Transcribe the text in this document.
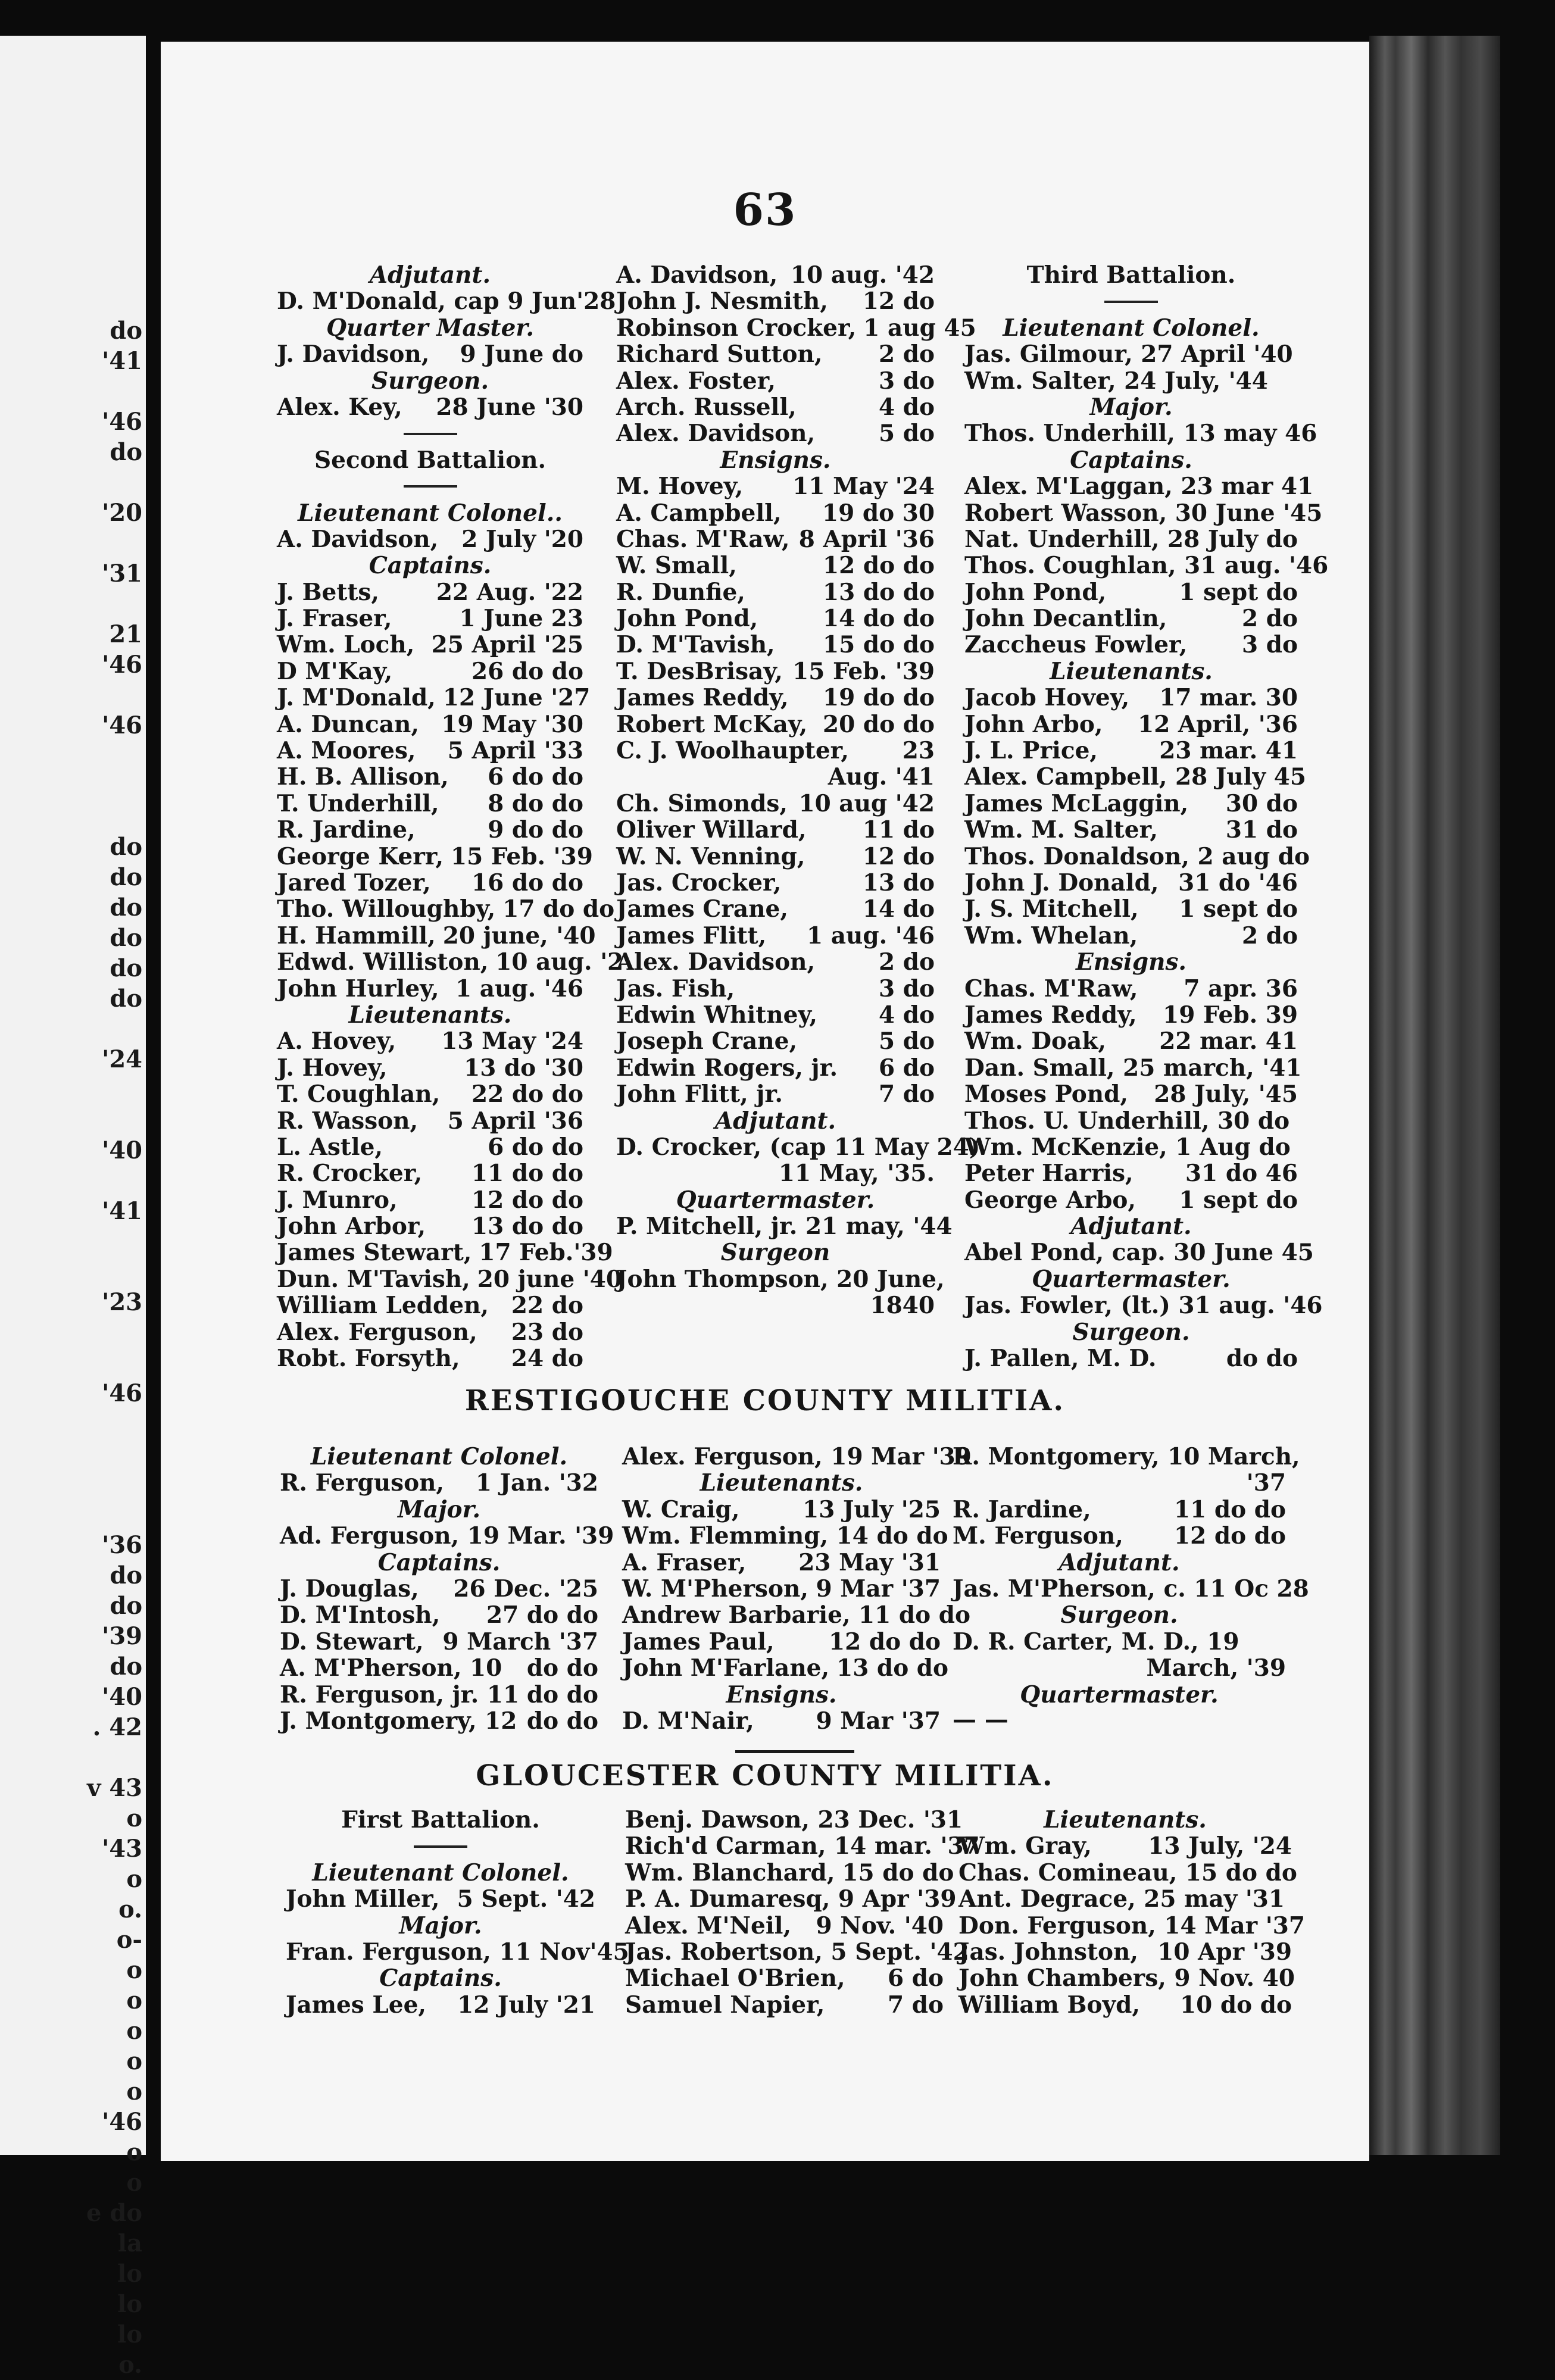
do
'41
'46
do
'20
'31
21
'46
'46
do
do
do
do
do
do
'24
'40
'41
'23
'46
'36
do
do
'39
do
'40
. 42
v 43
o
'43
o
o.
o-
o
o
o
o
o
'46
o
o
e do
la
lo
lo
lo
o.
63
Adjutant.
D. M'Donald, cap 9 Jun'28
Quarter Master.
J. Davidson, 9 June do
Surgeon.
Alex. Key, 28 June '30
Second Battalion.
Lieutenant Colonel..
A. Davidson, 2 July '20
Captains.
J. Betts, 22 Aug. '22
J. Fraser,	1 June 23
Wm. Loch, 25 April '25
D M'Kay,	26 do do
J. M'Donald, 12 June '27
A. Duncan, 19 May '30
A. Moores, 5 April '33
H. B. Allison, 6 do do
T. Underhill, 8 do do
R. Jardine,	9 do do
George Kerr, 15 Feb. '39
Jared Tozer, 16 do do
Tho. Willoughby, 17 do do
H. Hammill, 20 june, '40
Edwd. Williston, 10 aug. '2
John Hurley, 1 aug. '46
Lieutenants.
A. Hovey, 13 May '24
J. Hovey,	13 do '30
T. Coughlan, 22 do do
R. Wasson, 5 April '36
L. Astle,	6 do do
R. Crocker, 11 do do
J. Munro,	12 do do
John Arbor, 13 do do
James Stewart, 17 Feb.'39
Dun. M'Tavish, 20 june '40
William Ledden, 22 do
Alex. Ferguson, 23 do
Robt. Forsyth, 24 do
A. Davidson, 10 aug. '42
John J. Nesmith, 12 do
Robinson Crocker, 1 aug 45
Richard Sutton, 2 do
Alex. Foster,	3 do
Arch. Russell,	4 do
Alex. Davidson,	5 do
Ensigns.
M. Hovey, 11 May '24
A. Campbell, 19 do 30
Chas. M'Raw, 8 April '36
W. Small,	12 do do
R. Dunfie,	13 do do
John Pond,	14 do do
D. M'Tavish, 15 do do
T. DesBrisay, 15 Feb. '39
James Reddy, 19 do do
Robert McKay, 20 do do
C. J. Woolhaupter, 23
Aug. '41
Ch. Simonds, 10 aug '42
Oliver Willard, 11 do
W. N. Venning, 12 do
Jas. Crocker,	13 do
James Crane,	14 do
James Flitt, 1 aug. '46
Alex. Davidson,	2 do
Jas. Fish,	3 do
Edwin Whitney,	4 do
Joseph Crane,	5 do
Edwin Rogers, jr. 6 do
John Flitt, jr.	7 do
Adjutant.
D. Crocker, (cap 11 May 24)
11 May, '35.
Quartermaster.
P. Mitchell, jr. 21 may, '44
Surgeon
John Thompson, 20 June,
1840
Third Battalion.
Lieutenant Colonel.
Jas. Gilmour, 27 April '40
Wm. Salter, 24 July, '44
Major.
Thos. Underhill, 13 may 46
Captains.
Alex. M'Laggan, 23 mar 41
Robert Wasson, 30 June '45
Nat. Underhill, 28 July do
Thos. Coughlan, 31 aug. '46
John Pond,	1 sept do
John Decantlin,	2 do
Zaccheus Fowler, 3 do
Lieutenants.
Jacob Hovey, 17 mar. 30
John Arbo, 12 April, '36
J. L. Price,	23 mar. 41
Alex. Campbell, 28 July 45
James McLaggin, 30 do
Wm. M. Salter,	31 do
Thos. Donaldson, 2 aug do
John J. Donald, 31 do '46
J. S. Mitchell, 1 sept do
Wm. Whelan,	2 do
Ensigns.
Chas. M'Raw, 7 apr. 36
James Reddy, 19 Feb. 39
Wm. Doak, 22 mar. 41
Dan. Small, 25 march, '41
Moses Pond, 28 July, '45
Thos. U. Underhill, 30 do
Wm. McKenzie, 1 Aug do
Peter Harris, 31 do 46
George Arbo, 1 sept do
Adjutant.
Abel Pond, cap. 30 June 45
Quartermaster.
Jas. Fowler, (lt.) 31 aug. '46
Surgeon.
J. Pallen, M. D.	do do
RESTIGOUCHE COUNTY MILITIA.
Lieutenant Colonel.
R. Ferguson, 1 Jan. '32
Major.
Ad. Ferguson, 19 Mar. '39
Captains.
J. Douglas, 26 Dec. '25
D. M'Intosh, 27 do do
D. Stewart, 9 March '37
A. M'Pherson, 10 do do
R. Ferguson, jr. 11 do do
J. Montgomery, 12 do do
Alex. Ferguson, 19 Mar '39
Lieutenants.
W. Craig,	13 July '25
Wm. Flemming, 14 do do
A. Fraser, 23 May '31
W. M'Pherson, 9 Mar '37
Andrew Barbarie, 11 do do
James Paul, 12 do do
John M'Farlane, 13 do do
Ensigns.
D. M'Nair,	9 Mar '37
R. Montgomery, 10 March,
'37
R. Jardine,	11 do do
M. Ferguson, 12 do do
Adjutant.
Jas. M'Pherson, c. 11 Oc 28
Surgeon.
D. R. Carter, M. D., 19
March, '39
Quartermaster.
— —
GLOUCESTER COUNTY MILITIA.
First Battalion.
Lieutenant Colonel.
John Miller, 5 Sept. '42
Major.
Fran. Ferguson, 11 Nov'45
Captains.
James Lee, 12 July '21
Benj. Dawson, 23 Dec. '31
Rich'd Carman, 14 mar. '37
Wm. Blanchard, 15 do do
P. A. Dumaresq, 9 Apr '39
Alex. M'Neil, 9 Nov. '40
Jas. Robertson, 5 Sept. '42
Michael O'Brien, 6 do
Samuel Napier,	7 do
Lieutenants.
Wm. Gray, 13 July, '24
Chas. Comineau, 15 do do
Ant. Degrace, 25 may '31
Don. Ferguson, 14 Mar '37
Jas. Johnston, 10 Apr '39
John Chambers, 9 Nov. 40
William Boyd, 10 do do
